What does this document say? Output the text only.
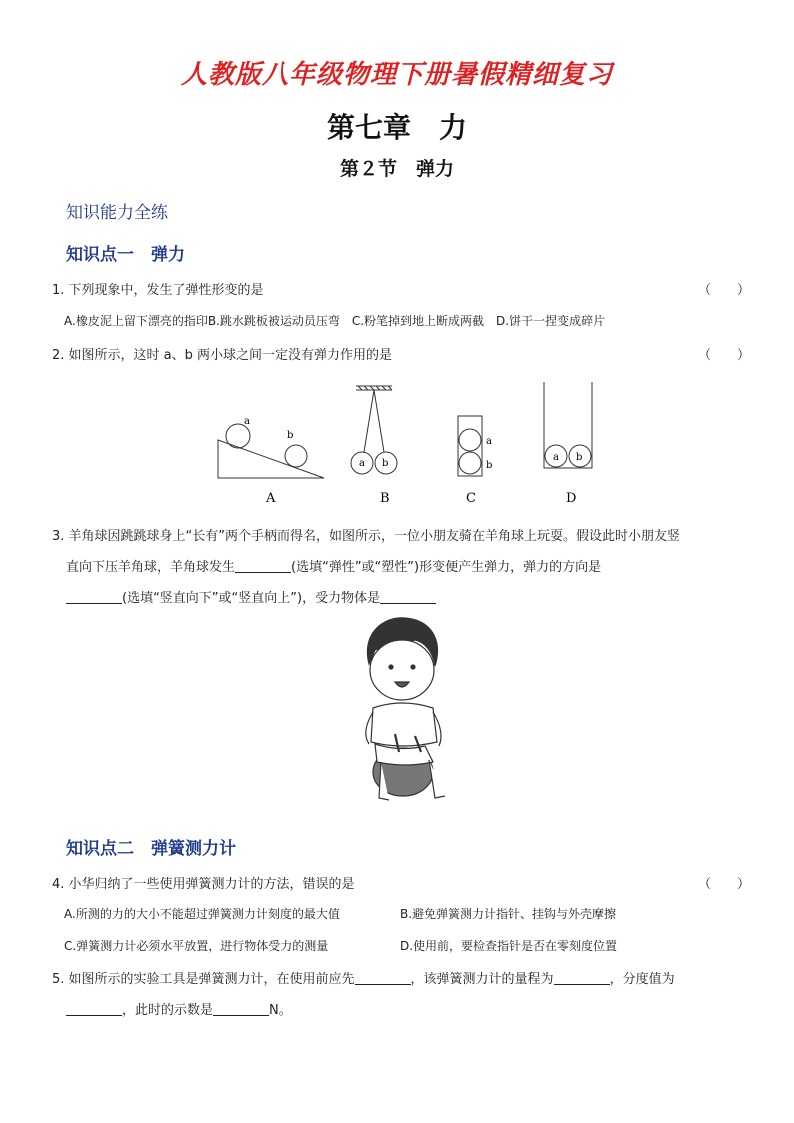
人教版八年级物理下册暑假精细复习
第七章　力
第２节　弹力
知识能力全练
知识点一　弹力
1. 下列现象中，发生了弹性形变的是	（　　）
A.橡皮泥上留下漂亮的指印B.跳水跳板被运动员压弯　C.粉笔掉到地上断成两截　D.饼干一捏变成碎片
2. 如图所示，这时 a、b 两小球之间一定没有弹力作用的是	（　　）
a
b
A
a b
B
a
b
C
a b
D
3. 羊角球因跳跳球身上“长有”两个手柄而得名，如图所示，一位小朋友骑在羊角球上玩耍。假设此时小朋友竖
直向下压羊角球，羊角球发生	(选填“弹性”或“塑性”)形变便产生弹力，弹力的方向是
(选填“竖直向下”或“竖直向上”)，受力物体是
知识点二　弹簧测力计
4. 小华归纳了一些使用弹簧测力计的方法，错误的是	（　　）
A.所测的力的大小不能超过弹簧测力计刻度的最大值	B.避免弹簧测力计指针、挂钩与外壳摩擦
C.弹簧测力计必须水平放置，进行物体受力的测量	D.使用前，要检查指针是否在零刻度位置
5. 如图所示的实验工具是弹簧测力计，在使用前应先	，该弹簧测力计的量程为	，分度值为
，此时的示数是	N。
